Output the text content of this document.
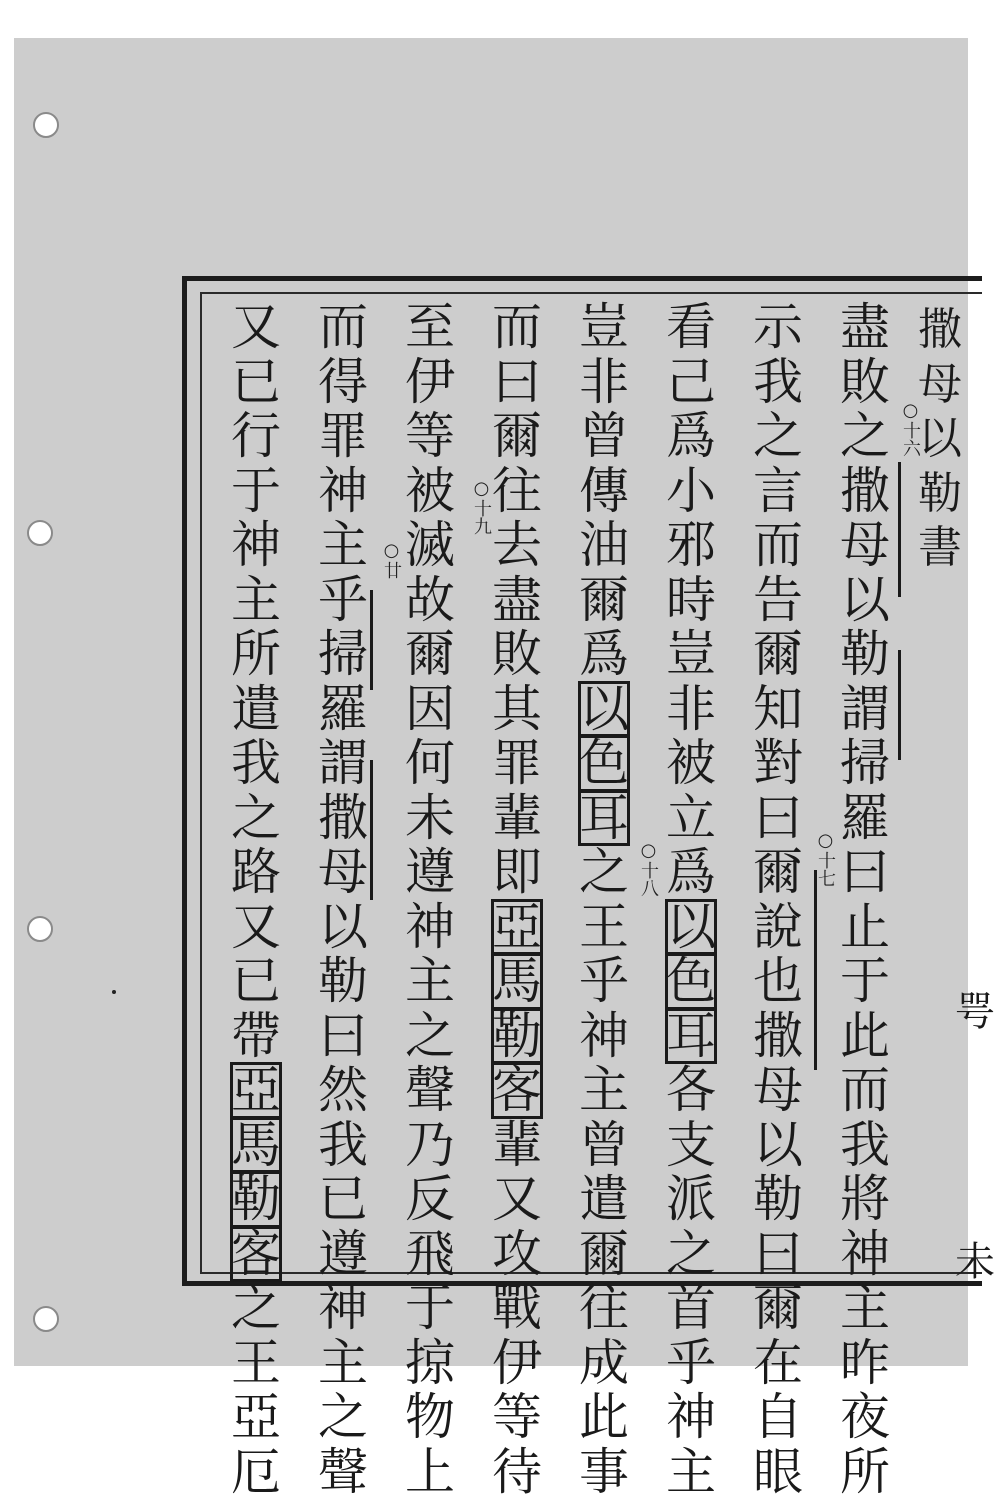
撒
母
以
勒
書
咢
未
○十六
○十七
○十八
○十九
○廿
盡
敗
之
撒
母
以
勒
謂
掃
羅
曰
止
于
此
而
我
將
神
主
昨
夜
所
示
我
之
言
而
告
爾
知
對
曰
爾
說
也
撒
母
以
勒
曰
爾
在
自
眼
看
己
爲
小
邪
時
豈
非
被
立
爲
以
色
耳
各
支
派
之
首
乎
神
主
豈
非
曾
傳
油
爾
爲
以
色
耳
之
王
乎
神
主
曾
遣
爾
往
成
此
事
而
曰
爾
往
去
盡
敗
其
罪
輩
即
亞
馬
勒
客
輩
又
攻
戰
伊
等
待
至
伊
等
被
滅
故
爾
因
何
未
遵
神
主
之
聲
乃
反
飛
于
掠
物
上
而
得
罪
神
主
乎
掃
羅
謂
撒
母
以
勒
曰
然
我
已
遵
神
主
之
聲
又
已
行
于
神
主
所
遣
我
之
路
又
已
帶
亞
馬
勒
客
之
王
亞
厄
